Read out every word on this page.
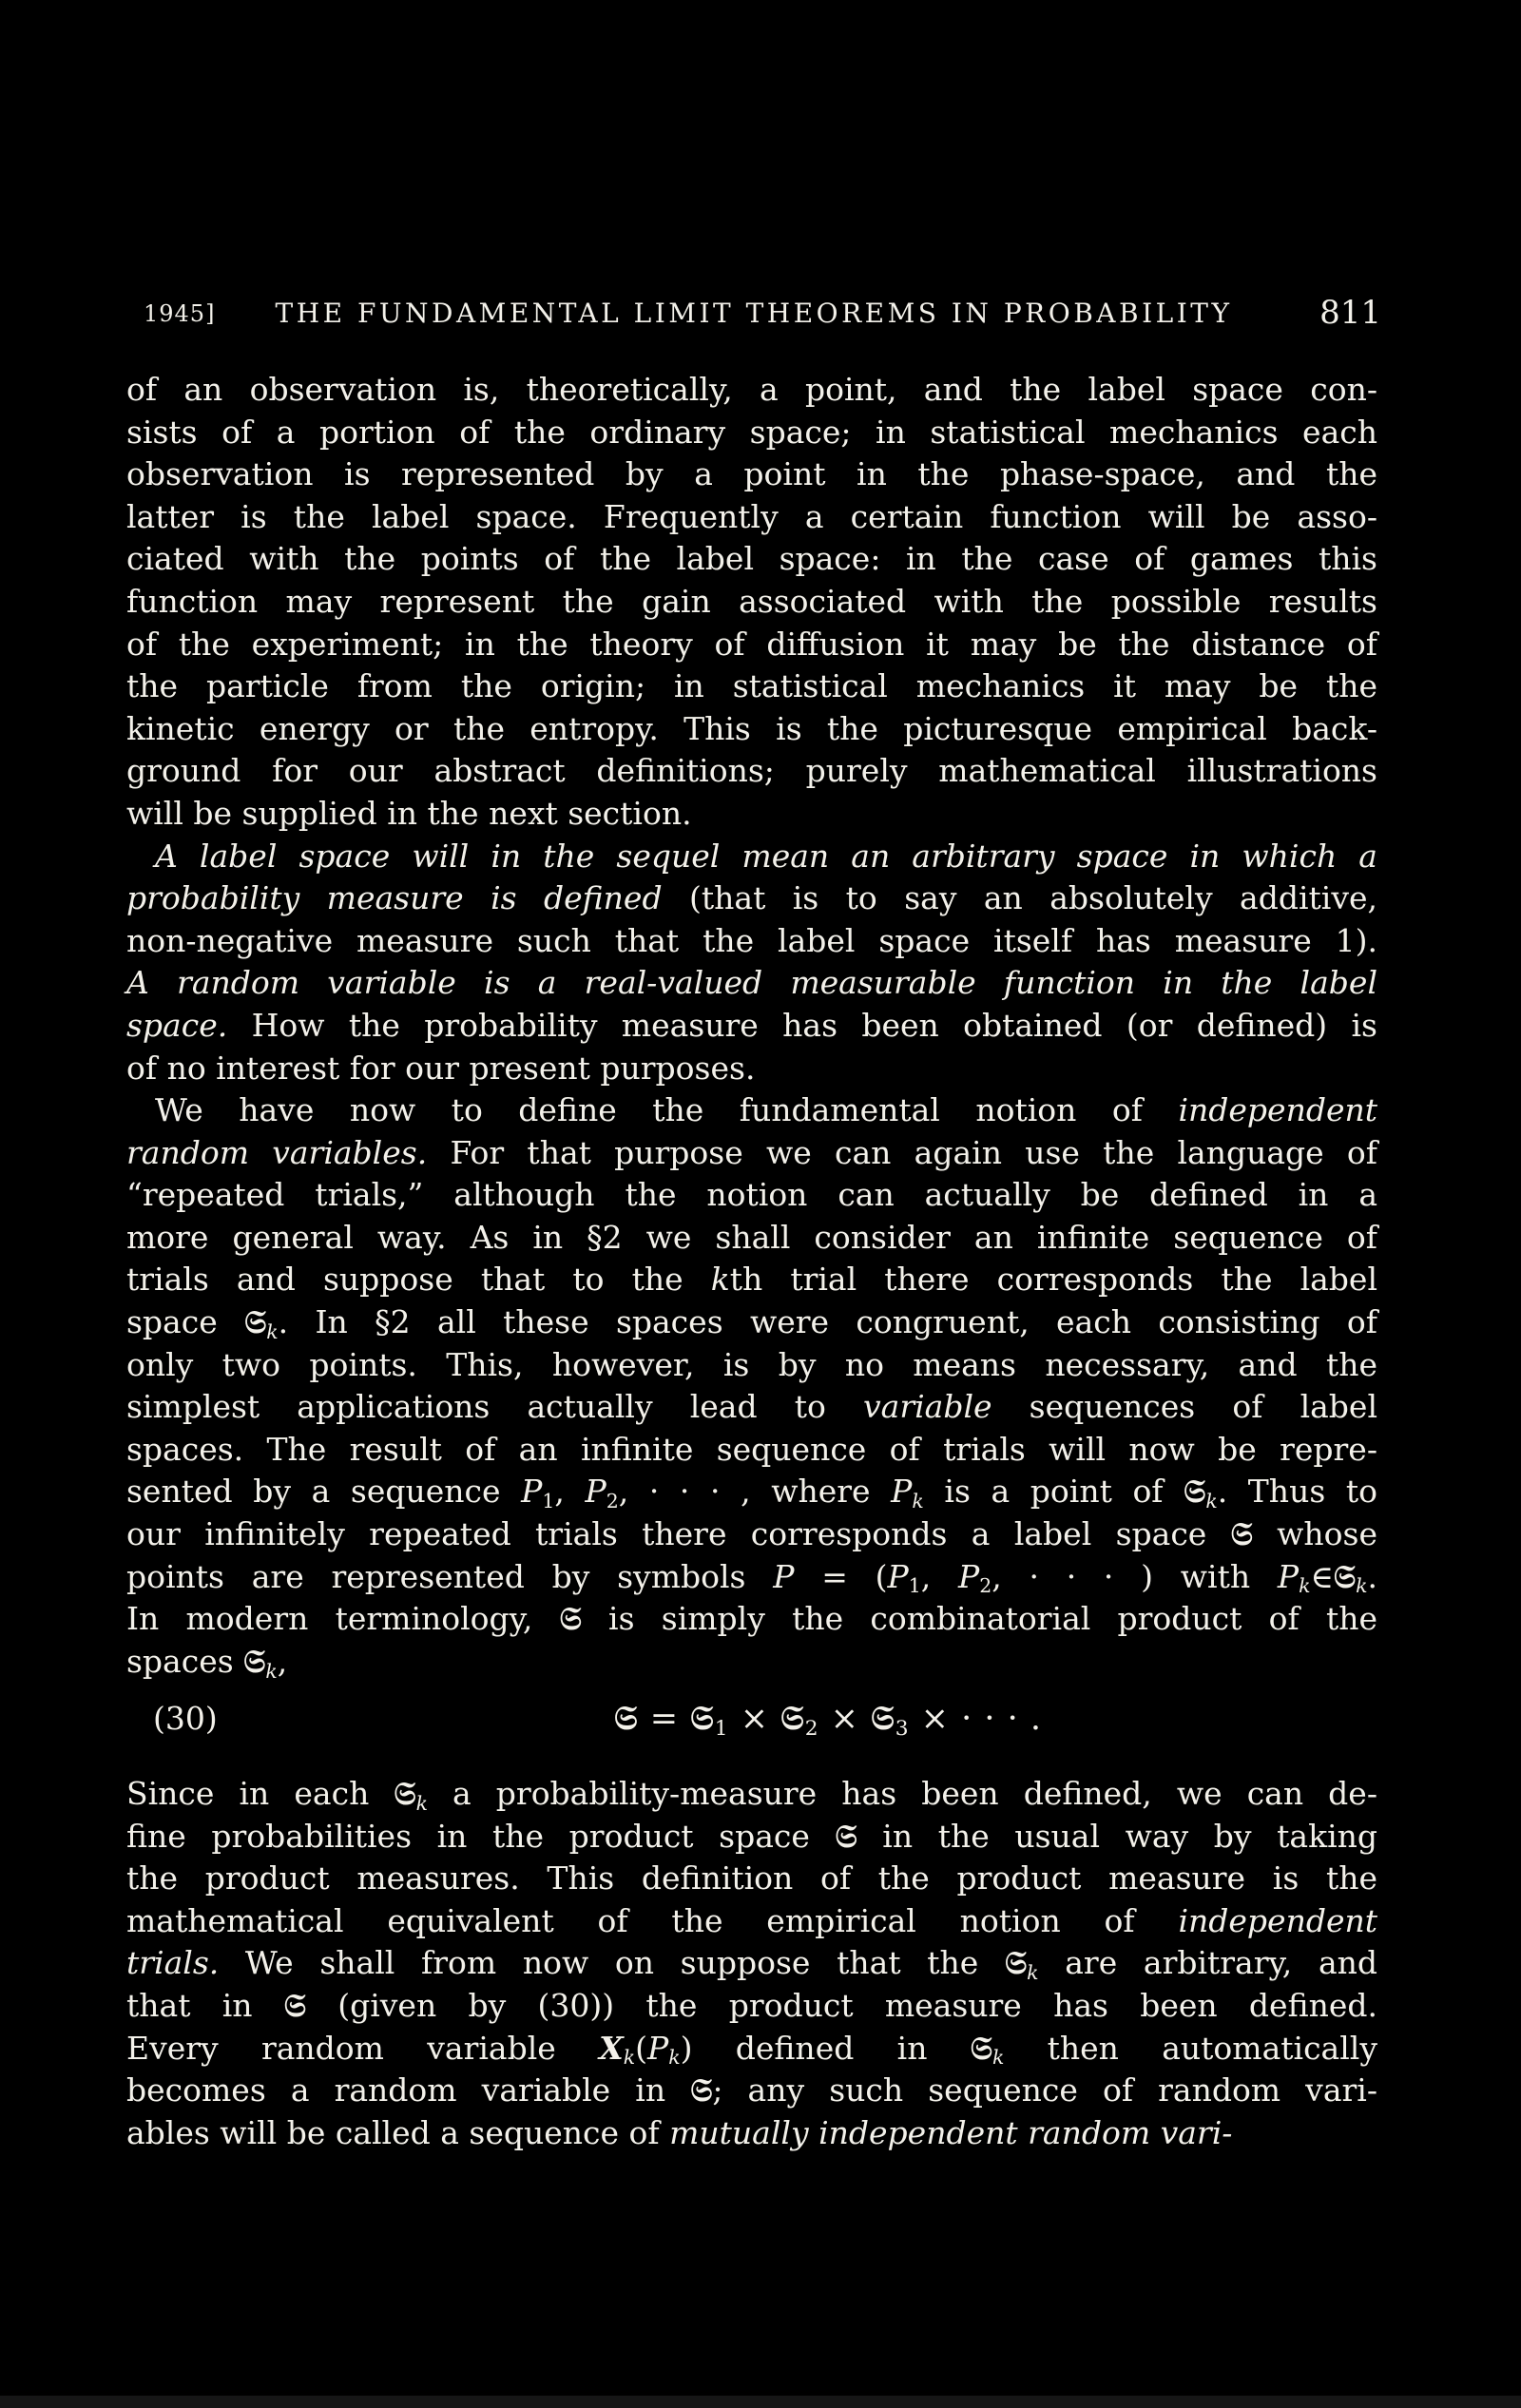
1945]	THE FUNDAMENTAL LIMIT THEOREMS IN PROBABILITY	811
of an observation is, theoretically, a point, and the label space con-
sists of a portion of the ordinary space; in statistical mechanics each
observation is represented by a point in the phase-space, and the
latter is the label space. Frequently a certain function will be asso-
ciated with the points of the label space: in the case of games this
function may represent the gain associated with the possible results
of the experiment; in the theory of diffusion it may be the distance of
the particle from the origin; in statistical mechanics it may be the
kinetic energy or the entropy. This is the picturesque empirical back-
ground for our abstract definitions; purely mathematical illustrations
will be supplied in the next section.
A label space will in the sequel mean an arbitrary space in which a
probability measure is defined (that is to say an absolutely additive,
non-negative measure such that the label space itself has measure 1).
A random variable is a real-valued measurable function in the label
space. How the probability measure has been obtained (or defined) is
of no interest for our present purposes.
We have now to define the fundamental notion of independent
random variables. For that purpose we can again use the language of
“repeated trials,” although the notion can actually be defined in a
more general way. As in §2 we shall consider an infinite sequence of
trials and suppose that to the kth trial there corresponds the label
space 𝔖$_k$. In §2 all these spaces were congruent, each consisting of
only two points. This, however, is by no means necessary, and the
simplest applications actually lead to variable sequences of label
spaces. The result of an infinite sequence of trials will now be repre-
sented by a sequence $P_1$, $P_2$, · · · , where $P_k$ is a point of 𝔖$_k$. Thus to
our infinitely repeated trials there corresponds a label space 𝔖 whose
points are represented by symbols $P = (P_1$, $P_2$, · · · ) with $P_k\in 𝔖_k$.
In modern terminology, 𝔖 is simply the combinatorial product of the
spaces 𝔖$_k$,
(30)	𝔖 = 𝔖$_1$ × 𝔖$_2$ × 𝔖$_3$ × · · · .
Since in each 𝔖$_k$ a probability-measure has been defined, we can de-
fine probabilities in the product space 𝔖 in the usual way by taking
the product measures. This definition of the product measure is the
mathematical equivalent of the empirical notion of independent
trials. We shall from now on suppose that the 𝔖$_k$ are arbitrary, and
that in 𝔖 (given by (30)) the product measure has been defined.
Every random variable $X_k(P_k)$ defined in 𝔖$_k$ then automatically
becomes a random variable in 𝔖; any such sequence of random vari-
ables will be called a sequence of mutually independent random vari-
